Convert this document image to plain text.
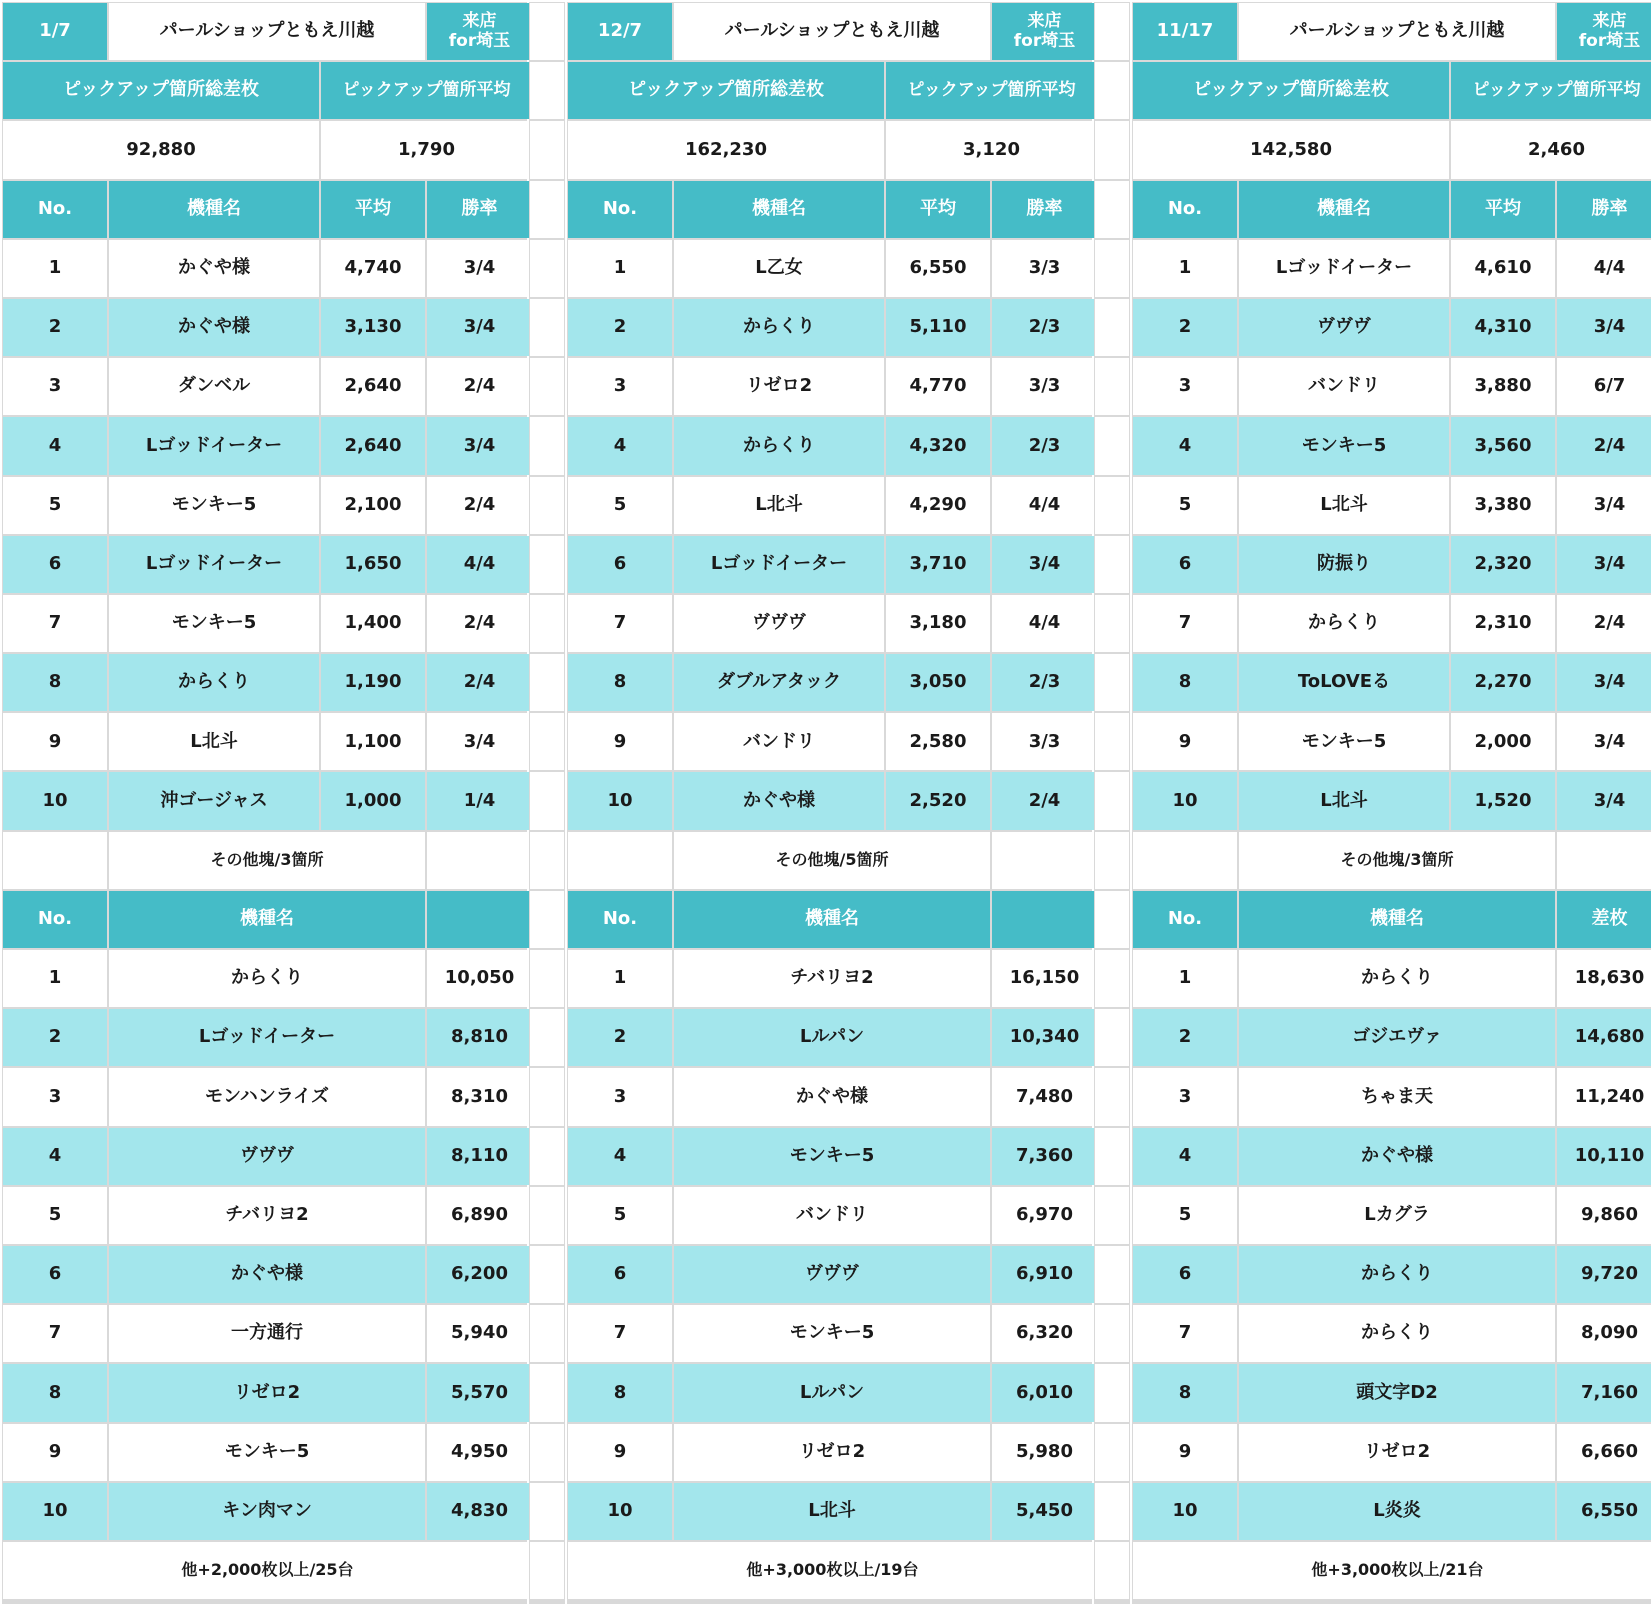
1/7	パールショップともえ川越	来店
for埼玉
ピックアップ箇所総差枚	ピックアップ箇所平均
92,880	1,790
No.	機種名	平均	勝率
1	かぐや様	4,740	3/4
2	かぐや様	3,130	3/4
3	ダンベル	2,640	2/4
4	Lゴッドイーター	2,640	3/4
5	モンキー5	2,100	2/4
6	Lゴッドイーター	1,650	4/4
7	モンキー5	1,400	2/4
8	からくり	1,190	2/4
9	L北斗	1,100	3/4
10	沖ゴージャス	1,000	1/4
その他塊/3箇所
No.	機種名
1	からくり	10,050
2	Lゴッドイーター	8,810
3	モンハンライズ	8,310
4	ヴヴヴ	8,110
5	チバリヨ2	6,890
6	かぐや様	6,200
7	一方通行	5,940
8	リゼロ2	5,570
9	モンキー5	4,950
10	キン肉マン	4,830
他+2,000枚以上/25台
12/7	パールショップともえ川越	来店
for埼玉
ピックアップ箇所総差枚	ピックアップ箇所平均
162,230	3,120
No.	機種名	平均	勝率
1	L乙女	6,550	3/3
2	からくり	5,110	2/3
3	リゼロ2	4,770	3/3
4	からくり	4,320	2/3
5	L北斗	4,290	4/4
6	Lゴッドイーター	3,710	3/4
7	ヴヴヴ	3,180	4/4
8	ダブルアタック	3,050	2/3
9	バンドリ	2,580	3/3
10	かぐや様	2,520	2/4
その他塊/5箇所
No.	機種名
1	チバリヨ2	16,150
2	Lルパン	10,340
3	かぐや様	7,480
4	モンキー5	7,360
5	バンドリ	6,970
6	ヴヴヴ	6,910
7	モンキー5	6,320
8	Lルパン	6,010
9	リゼロ2	5,980
10	L北斗	5,450
他+3,000枚以上/19台
11/17	パールショップともえ川越	来店
for埼玉
ピックアップ箇所総差枚	ピックアップ箇所平均
142,580	2,460
No.	機種名	平均	勝率
1	Lゴッドイーター	4,610	4/4
2	ヴヴヴ	4,310	3/4
3	バンドリ	3,880	6/7
4	モンキー5	3,560	2/4
5	L北斗	3,380	3/4
6	防振り	2,320	3/4
7	からくり	2,310	2/4
8	ToLOVEる	2,270	3/4
9	モンキー5	2,000	3/4
10	L北斗	1,520	3/4
その他塊/3箇所
No.	機種名	差枚
1	からくり	18,630
2	ゴジエヴァ	14,680
3	ちゃま天	11,240
4	かぐや様	10,110
5	Lカグラ	9,860
6	からくり	9,720
7	からくり	8,090
8	頭文字D2	7,160
9	リゼロ2	6,660
10	L炎炎	6,550
他+3,000枚以上/21台
